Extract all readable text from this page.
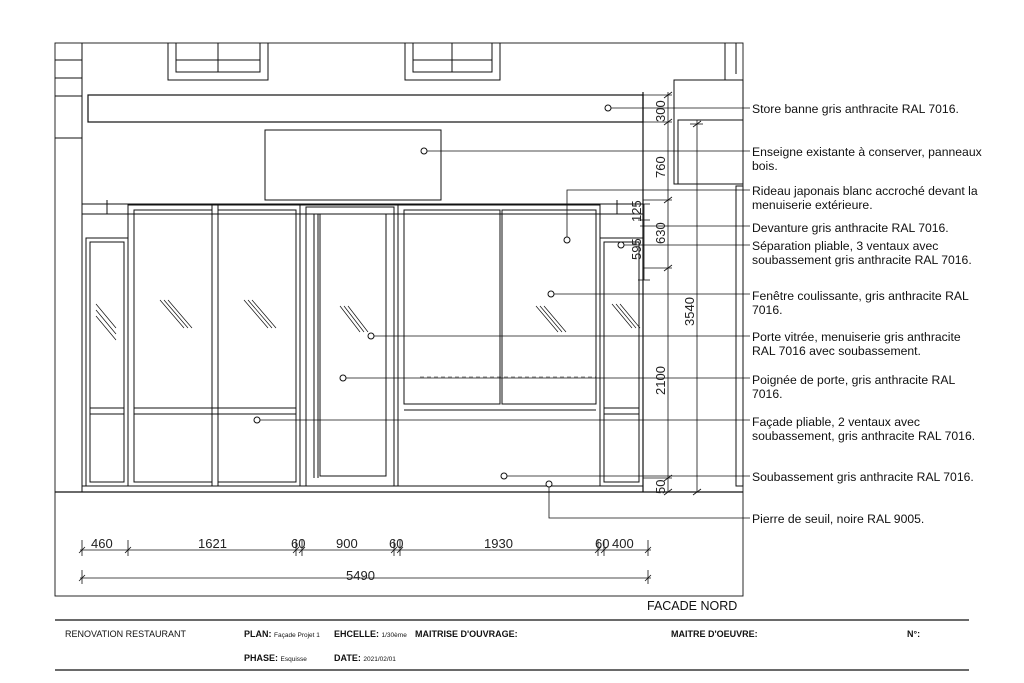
460	1621	60 900 60	1930	60 400
5490
300
760
630
2100
50
125
595
3540
Store banne gris anthracite RAL 7016.
Enseigne existante à conserver, panneaux bois.
Rideau japonais blanc accroché devant la menuiserie extérieure.
Devanture gris anthracite RAL 7016.
Séparation pliable, 3 ventaux avec soubassement gris anthracite RAL 7016.
Fenêtre coulissante, gris anthracite RAL 7016.
Porte vitrée, menuiserie gris anthracite RAL 7016 avec soubassement.
Poignée de porte, gris anthracite RAL 7016.
Façade pliable, 2 ventaux avec soubassement, gris anthracite RAL 7016.
Soubassement gris anthracite RAL 7016.
Pierre de seuil, noire RAL 9005.
FACADE NORD
RENOVATION RESTAURANT	PLAN: Façade Projet 1 EHCELLE: 1/30ème MAITRISE D'OUVRAGE:	MAITRE D'OEUVRE:	N°:
PHASE: Esquisse	DATE: 2021/02/01
